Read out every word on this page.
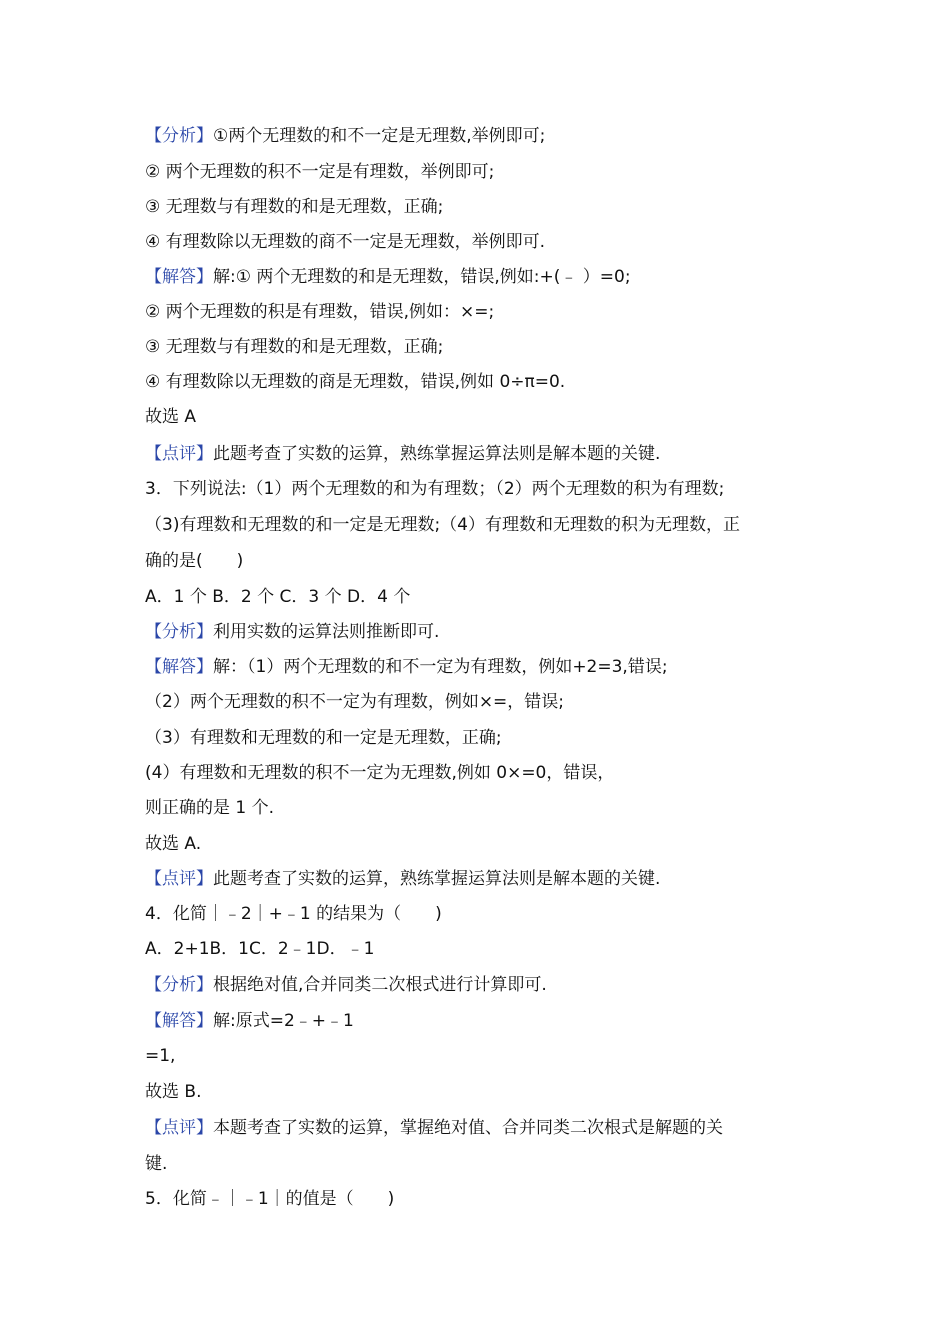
【分析】①两个无理数的和不一定是无理数,举例即可;
② 两个无理数的积不一定是有理数，举例即可;
③ 无理数与有理数的和是无理数，正确;
④ 有理数除以无理数的商不一定是无理数，举例即可.
【解答】解:① 两个无理数的和是无理数，错误,例如:+(﹣ ）=0;
② 两个无理数的积是有理数，错误,例如：×=;
③ 无理数与有理数的和是无理数，正确;
④ 有理数除以无理数的商是无理数，错误,例如 0÷π=0.
故选 A
【点评】此题考查了实数的运算，熟练掌握运算法则是解本题的关键.
3．下列说法:（1）两个无理数的和为有理数；（2）两个无理数的积为有理数;
（3)有理数和无理数的和一定是无理数;（4）有理数和无理数的积为无理数，正
确的是(　　)
A．1 个 B．2 个 C．3 个 D．4 个
【分析】利用实数的运算法则推断即可.
【解答】解：（1）两个无理数的和不一定为有理数，例如+2=3,错误;
（2）两个无理数的积不一定为有理数，例如×=，错误;
（3）有理数和无理数的和一定是无理数，正确;
(4）有理数和无理数的积不一定为无理数,例如 0×=0，错误，
则正确的是 1 个.
故选 A.
【点评】此题考查了实数的运算，熟练掌握运算法则是解本题的关键.
4．化简｜﹣2｜+﹣1 的结果为（　　)
A．2+1B．1C．2﹣1D．﹣1
【分析】根据绝对值,合并同类二次根式进行计算即可.
【解答】解:原式=2﹣+﹣1
=1,
故选 B.
【点评】本题考查了实数的运算，掌握绝对值、合并同类二次根式是解题的关
键.
5．化简﹣｜﹣1｜的值是（　　)
